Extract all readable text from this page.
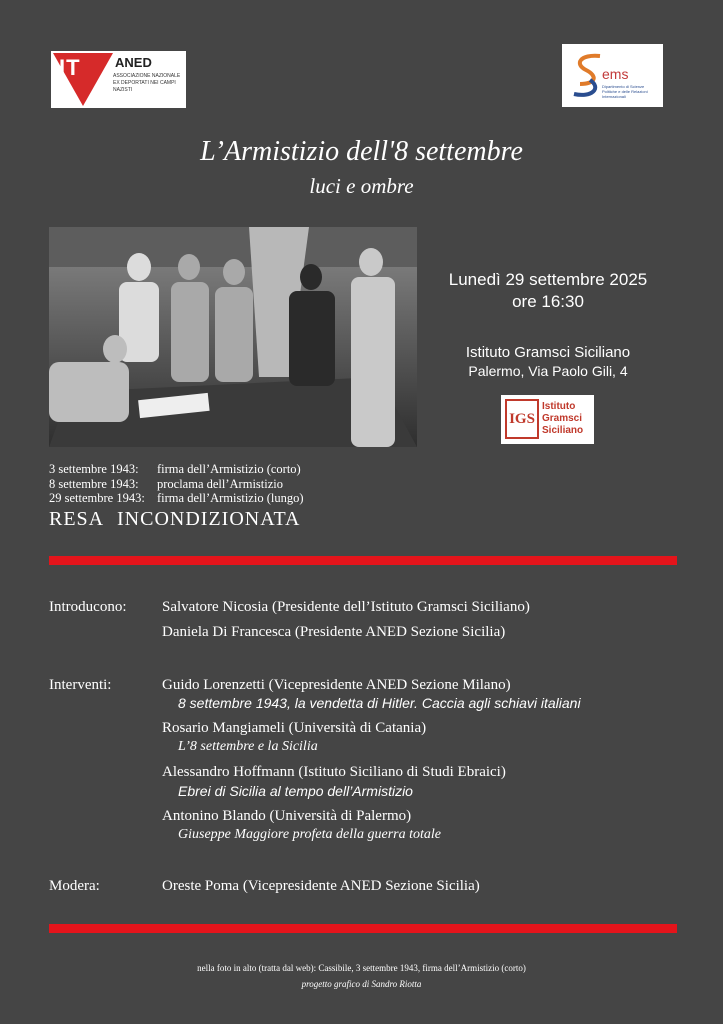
IT	ANED
ASSOCIAZIONE NAZIONALE EX DEPORTATI NEI CAMPI NAZISTI
ems
Dipartimento di Scienze Politiche e delle Relazioni Internazionali
L’Armistizio dell'8 settembre
luci e ombre
Lunedì 29 settembre 2025
ore 16:30
Istituto Gramsci Siciliano
Palermo, Via Paolo Gili, 4
IGS
Istituto
Gramsci
Siciliano
3 settembre 1943: firma dell’Armistizio (corto)
8 settembre 1943: proclama dell’Armistizio
29 settembre 1943: firma dell’Armistizio (lungo)
RESA INCONDIZIONATA
Introducono: Salvatore Nicosia (Presidente dell’Istituto Gramsci Siciliano)
Daniela Di Francesca (Presidente ANED Sezione Sicilia)
Interventi:	Guido Lorenzetti (Vicepresidente ANED Sezione Milano)
8 settembre 1943, la vendetta di Hitler. Caccia agli schiavi italiani
Rosario Mangiameli (Università di Catania)
L’8 settembre e la Sicilia
Alessandro Hoffmann (Istituto Siciliano di Studi Ebraici)
Ebrei di Sicilia al tempo dell’Armistizio
Antonino Blando (Università di Palermo)
Giuseppe Maggiore profeta della guerra totale
Modera:	Oreste Poma (Vicepresidente ANED Sezione Sicilia)
nella foto in alto (tratta dal web): Cassibile, 3 settembre 1943, firma dell’Armistizio (corto)
progetto grafico di Sandro Riotta
